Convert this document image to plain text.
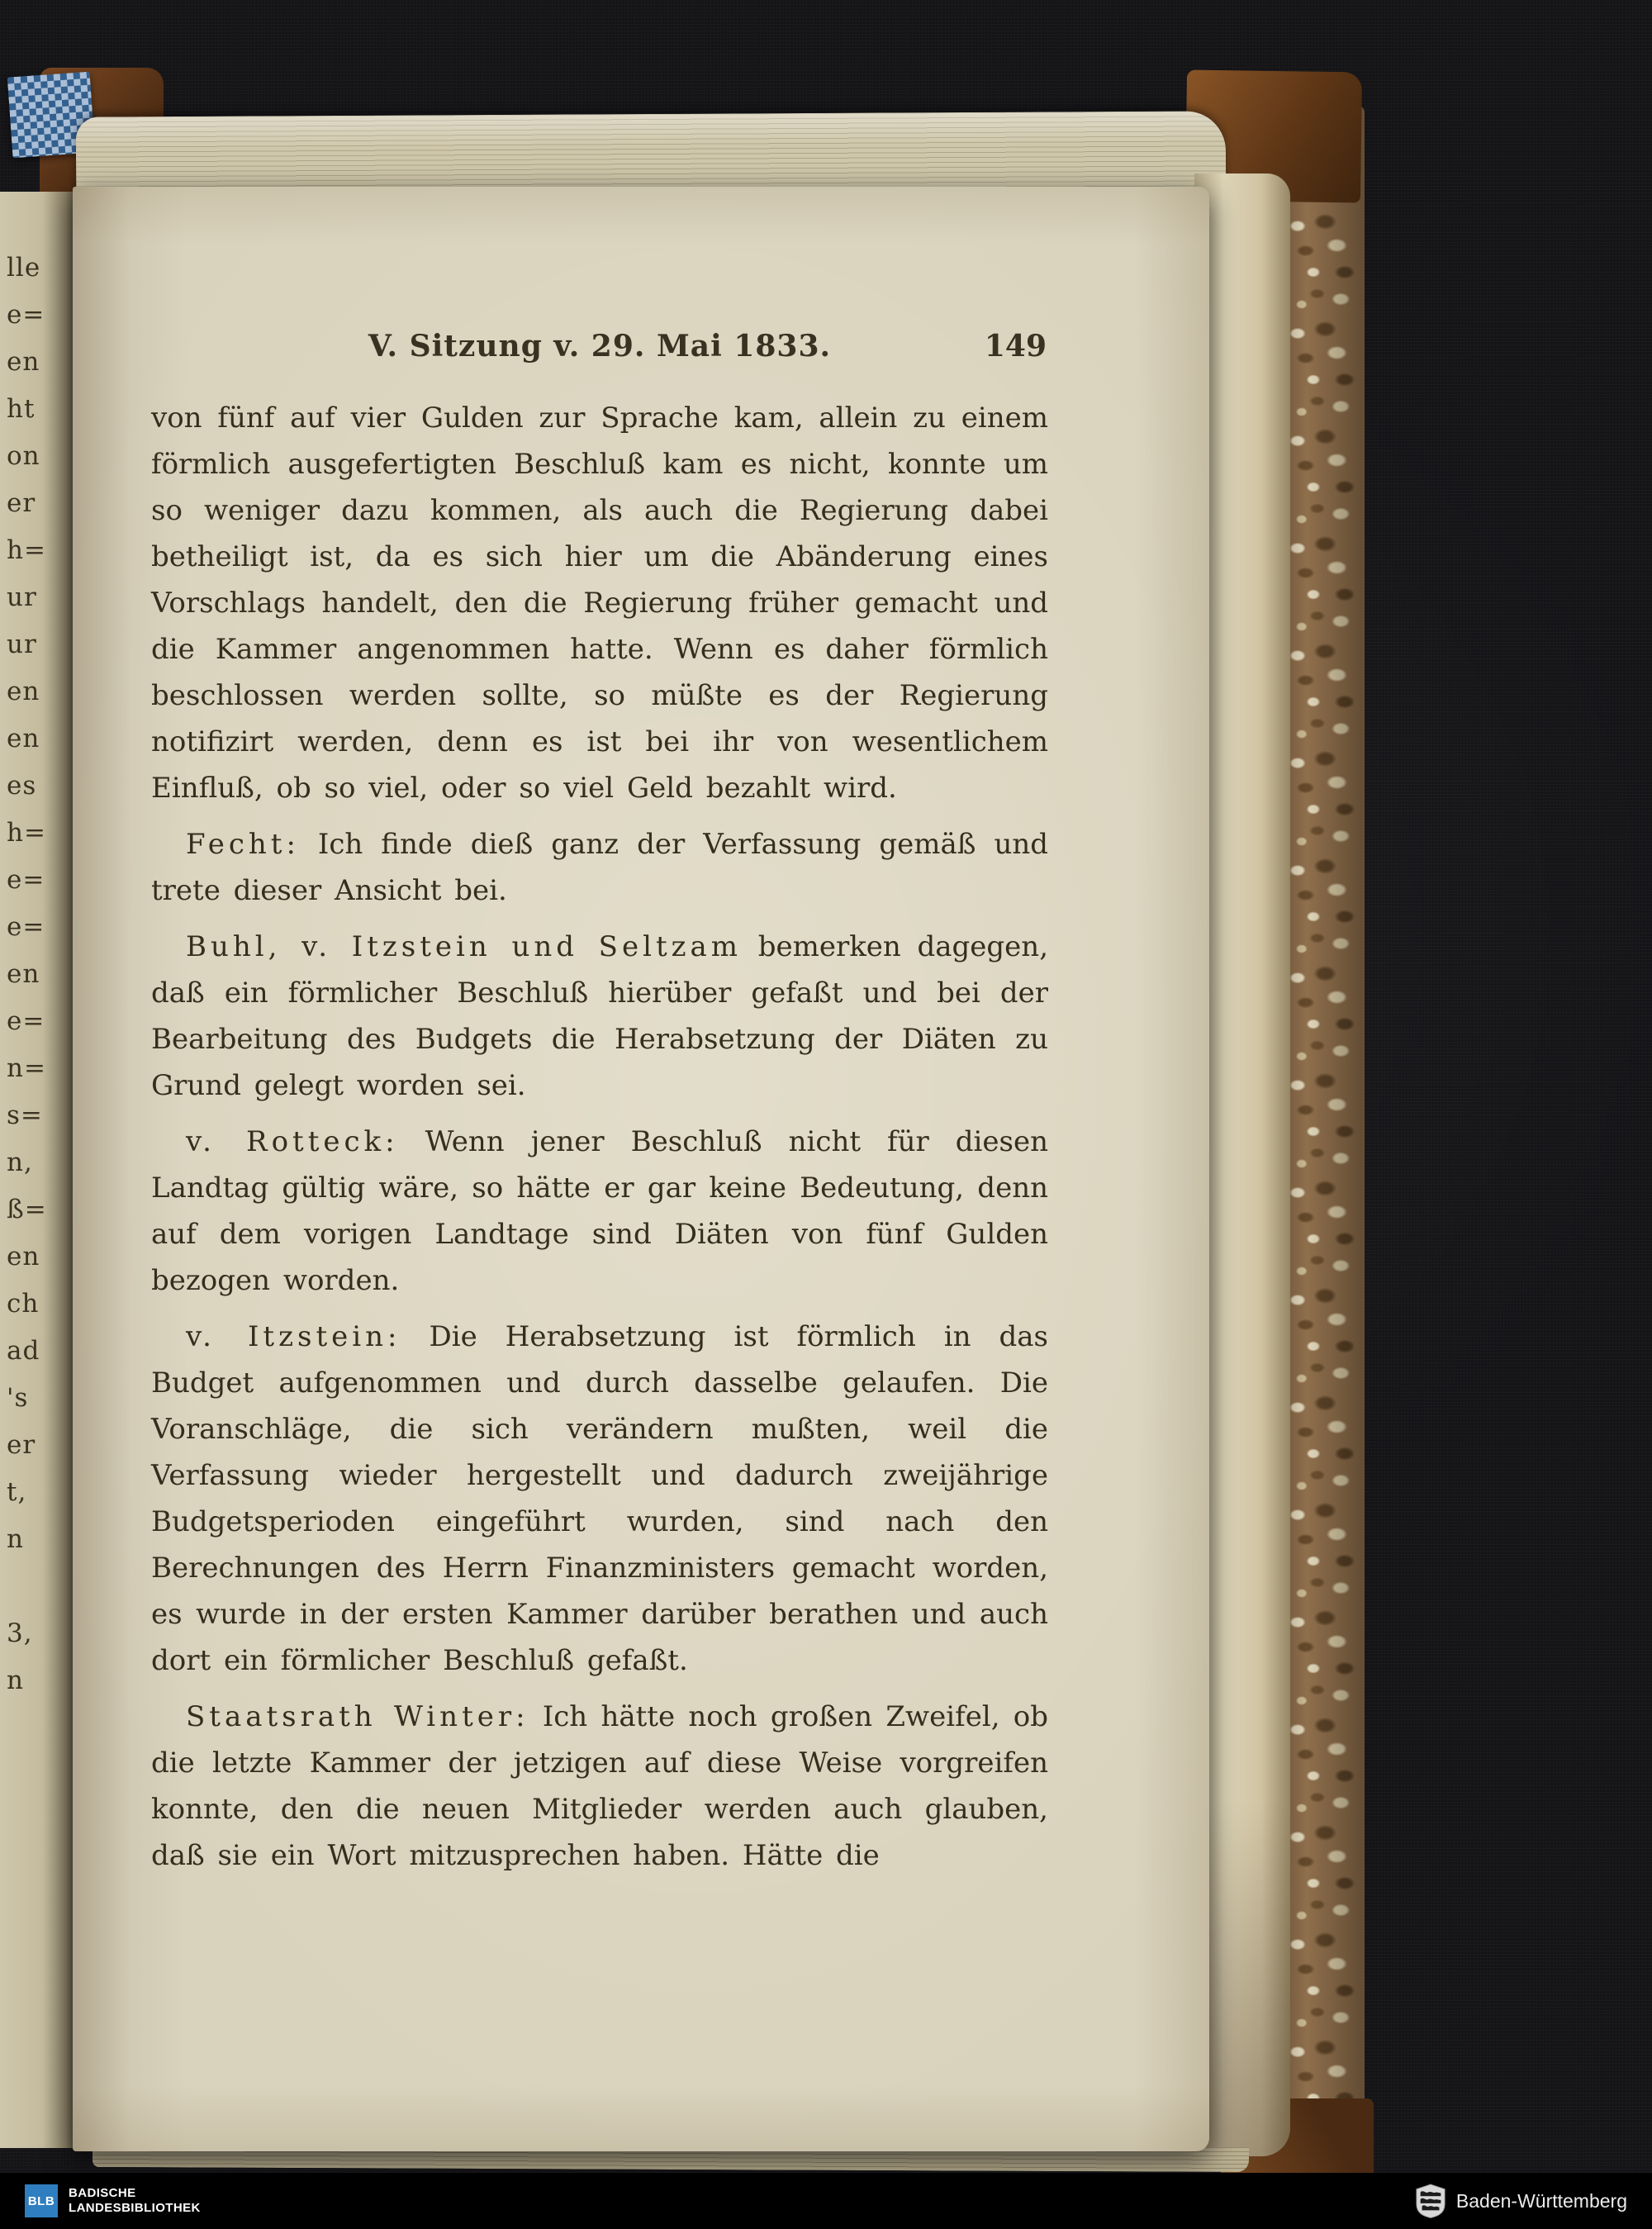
lle
e=
en
ht
on
er
h=
ur
ur
en
en
es
h=
e=
e=
en
e=
n=
s=
n,
ß=
en
ch
ad
's
er
t,
n
3,
n
V. Sitzung v. 29. Mai 1833.	149

von fünf auf vier Gulden zur Sprache kam, allein zu einem förmlich ausgefertigten Beschluß kam es nicht, konnte um so weniger dazu kommen, als auch die Regierung dabei betheiligt ist, da es sich hier um die Abänderung eines Vorschlags handelt, den die Regierung früher gemacht und die Kammer angenommen hatte. Wenn es daher förmlich beschlossen werden sollte, so müßte es der Regierung notifizirt werden, denn es ist bei ihr von wesentlichem Einfluß, ob so viel, oder so viel Geld bezahlt wird.

Fecht: Ich finde dieß ganz der Verfassung gemäß und trete dieser Ansicht bei.

Buhl, v. Itzstein und Seltzam bemerken dagegen, daß ein förmlicher Beschluß hierüber gefaßt und bei der Bearbeitung des Budgets die Herabsetzung der Diäten zu Grund gelegt worden sei.

v. Rotteck: Wenn jener Beschluß nicht für diesen Landtag gültig wäre, so hätte er gar keine Bedeutung, denn auf dem vorigen Landtage sind Diäten von fünf Gulden bezogen worden.

v. Itzstein: Die Herabsetzung ist förmlich in das Budget aufgenommen und durch dasselbe gelaufen. Die Voranschläge, die sich verändern mußten, weil die Verfassung wieder hergestellt und dadurch zweijährige Budgetsperioden eingeführt wurden, sind nach den Berechnungen des Herrn Finanzministers gemacht worden, es wurde in der ersten Kammer darüber berathen und auch dort ein förmlicher Beschluß gefaßt.

Staatsrath Winter: Ich hätte noch großen Zweifel, ob die letzte Kammer der jetzigen auf diese Weise vorgreifen konnte, den die neuen Mitglieder werden auch glauben, daß sie ein Wort mitzusprechen haben. Hätte die

BLB
BADISCHE
LANDESBIBLIOTHEK	Baden-Württemberg
